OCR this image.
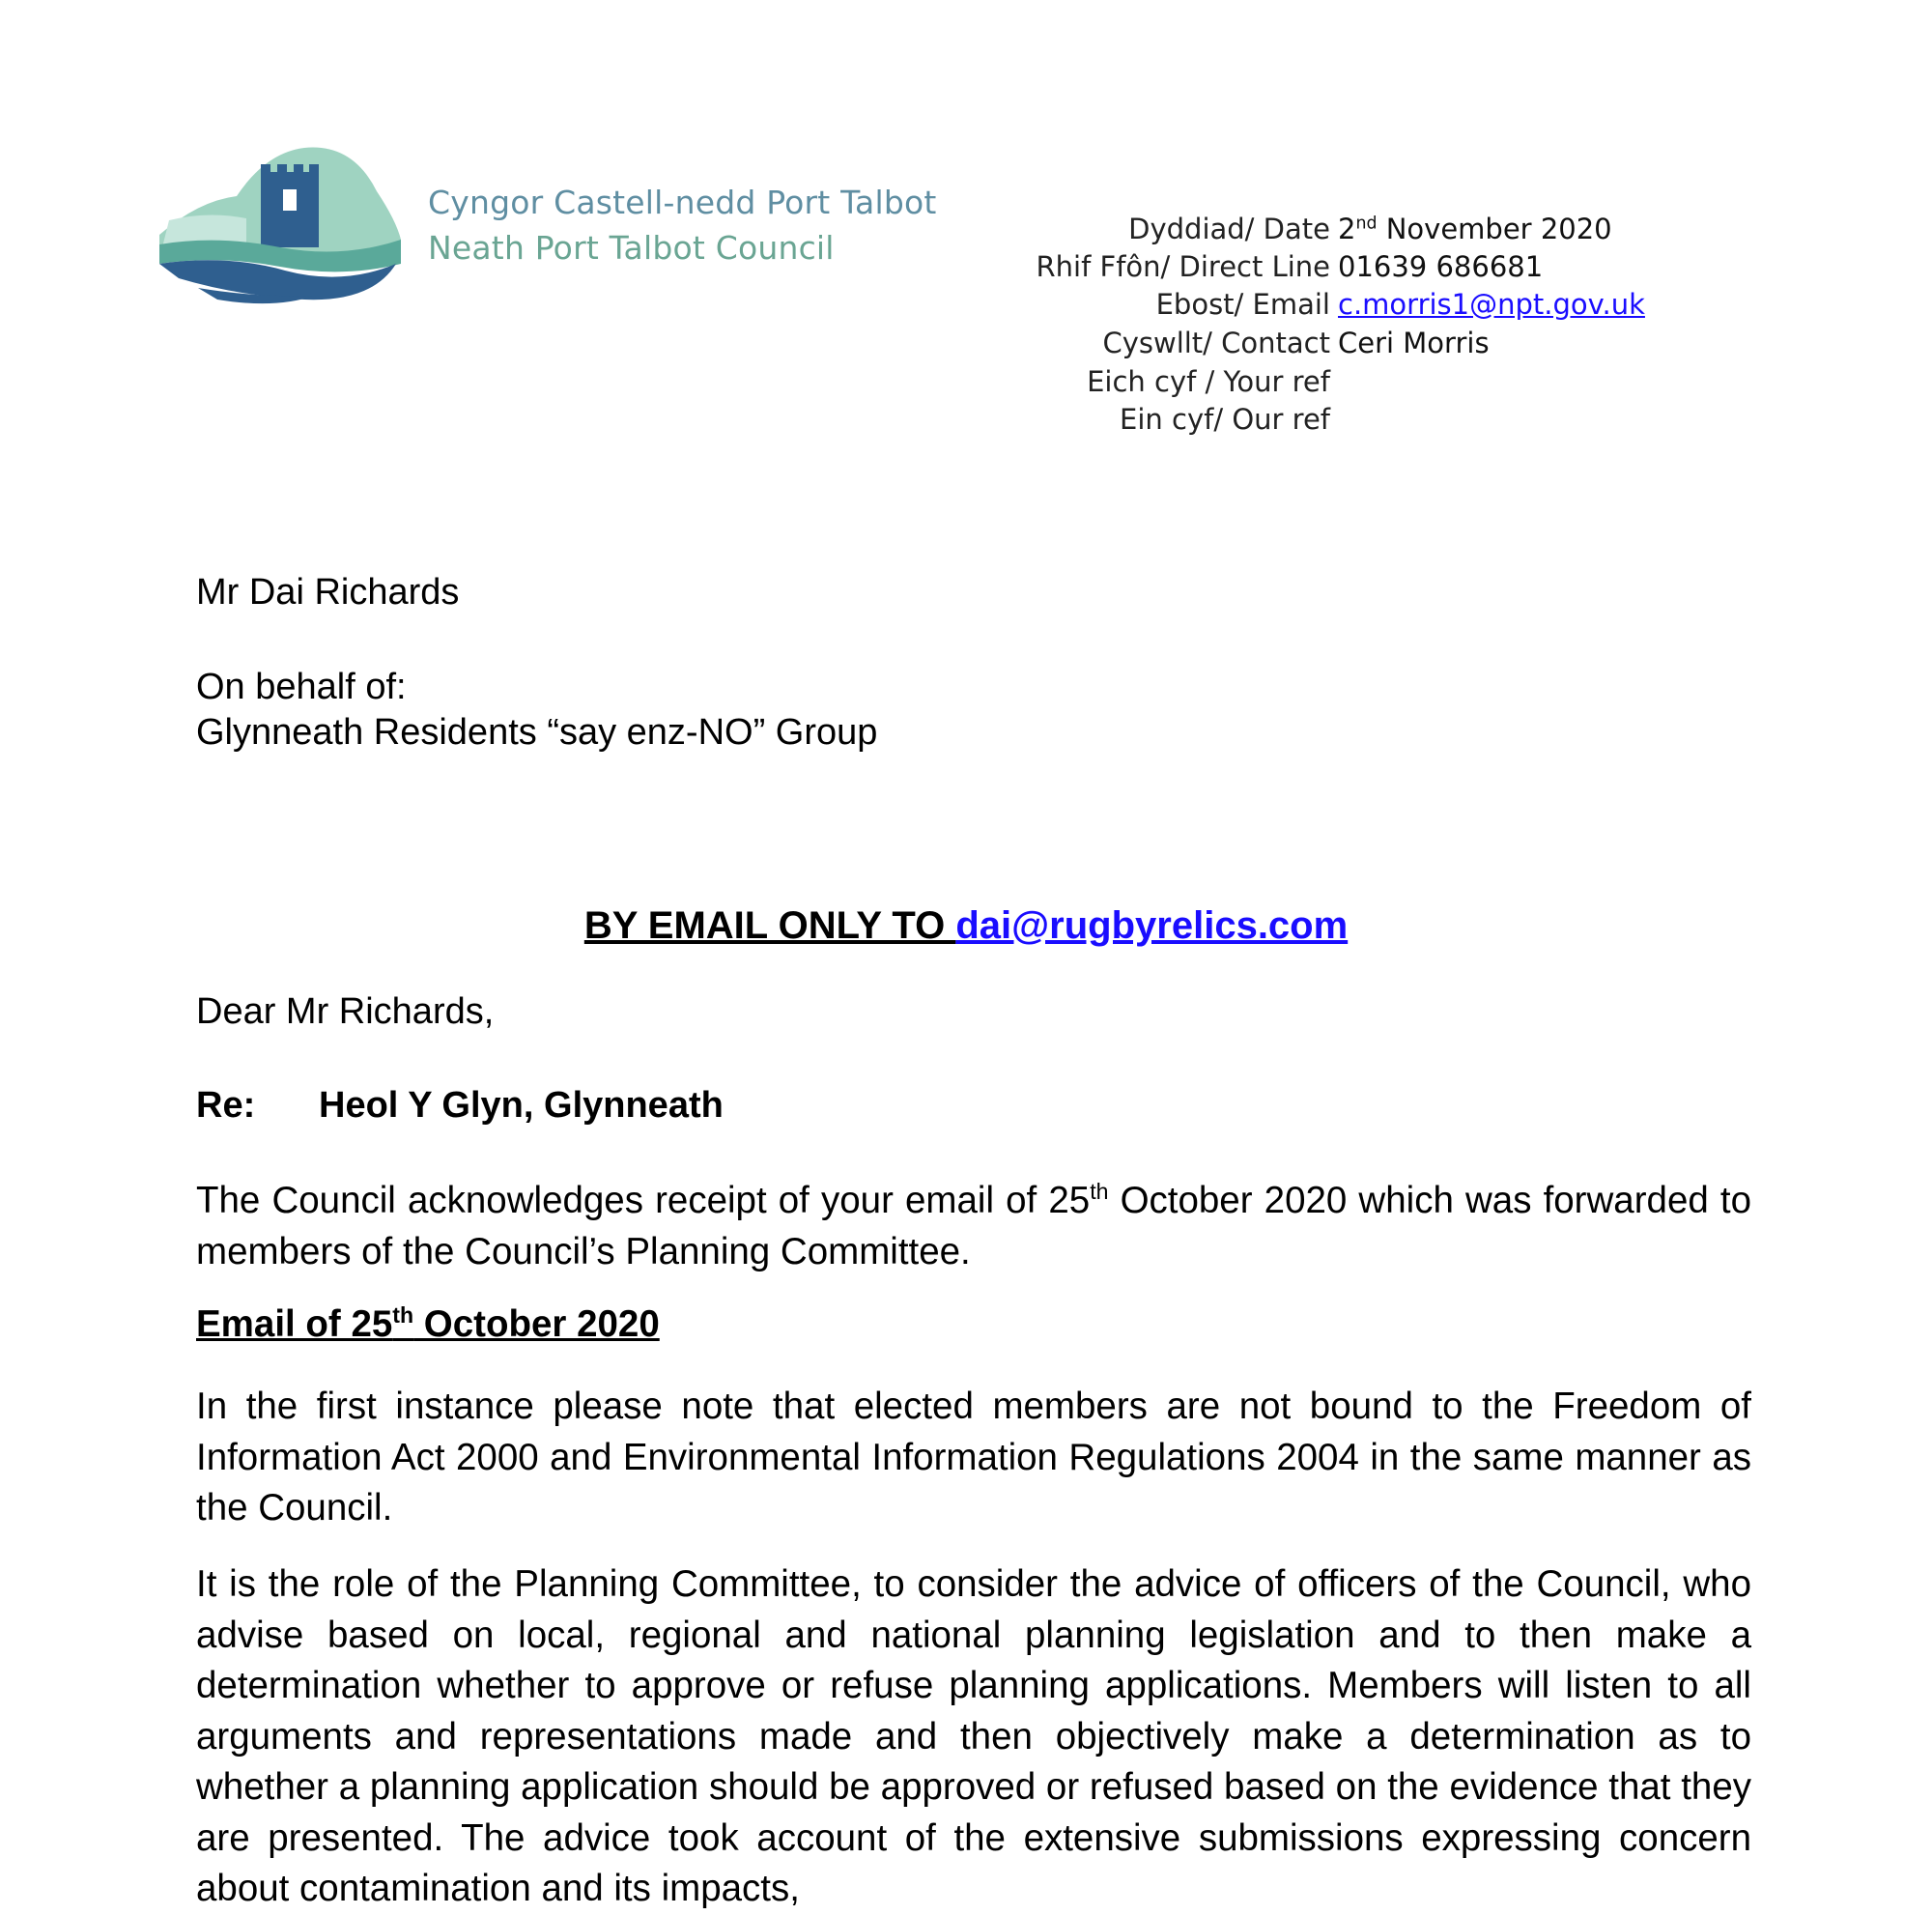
Cyngor Castell-nedd Port Talbot
Neath Port Talbot Council	Dyddiad/ Date 2nd November 2020
Rhif Ffôn/ Direct Line 01639 686681
Ebost/ Email c.morris1@npt.gov.uk
Cyswllt/ Contact Ceri Morris
Eich cyf / Your ref
Ein cyf/ Our ref
Mr Dai Richards
On behalf of:
Glynneath Residents “say enz-NO” Group
BY EMAIL ONLY TO dai@rugbyrelics.com
Dear Mr Richards,
Re: Heol Y Glyn, Glynneath
The Council acknowledges receipt of your email of 25th October 2020 which was forwarded to members of the Council’s Planning Committee.
Email of 25th October 2020
In the first instance please note that elected members are not bound to the Freedom of Information Act 2000 and Environmental Information Regulations 2004 in the same manner as the Council.
It is the role of the Planning Committee, to consider the advice of officers of the Council, who advise based on local, regional and national planning legislation and to then make a determination whether to approve or refuse planning applications. Members will listen to all arguments and representations made and then objectively make a determination as to whether a planning application should be approved or refused based on the evidence that they are presented. The advice took account of the extensive submissions expressing concern about contamination and its impacts,
